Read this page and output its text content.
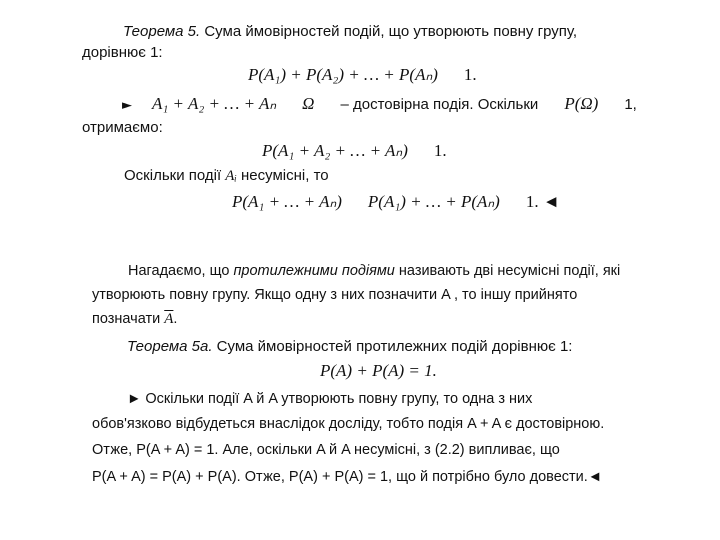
Теорема 5. Сума ймовірностей подій, що утворюють повну групу,
дорівнює 1:
P(A₁) + P(A₂) + … + P(Aₙ) 1.
► A₁ + A₂ + … + Aₙ Ω – достовірна подія. Оскільки P(Ω) 1,
отримаємо:
P(A₁ + A₂ + … + Aₙ) 1.
Оскільки події Aᵢ несумісні, то
P(A₁ + … + Aₙ) P(A₁) + … + P(Aₙ) 1. ◄
Нагадаємо, що протилежними подіями називають дві несумісні події, які
утворюють повну групу. Якщо одну з них позначити A , то іншу прийнято
позначати $\overline{A}$.
Теорема 5а. Сума ймовірностей протилежних подій дорівнює 1:
P(A) + P(A) = 1.
► Оскільки події A й A утворюють повну групу, то одна з них
обов'язково відбудеться внаслідок досліду, тобто подія A + A є достовірною.
Отже, P(A + A) = 1. Але, оскільки A й A несумісні, з (2.2) випливає, що
P(A + A) = P(A) + P(A). Отже, P(A) + P(A) = 1, що й потрібно було довести.◄
